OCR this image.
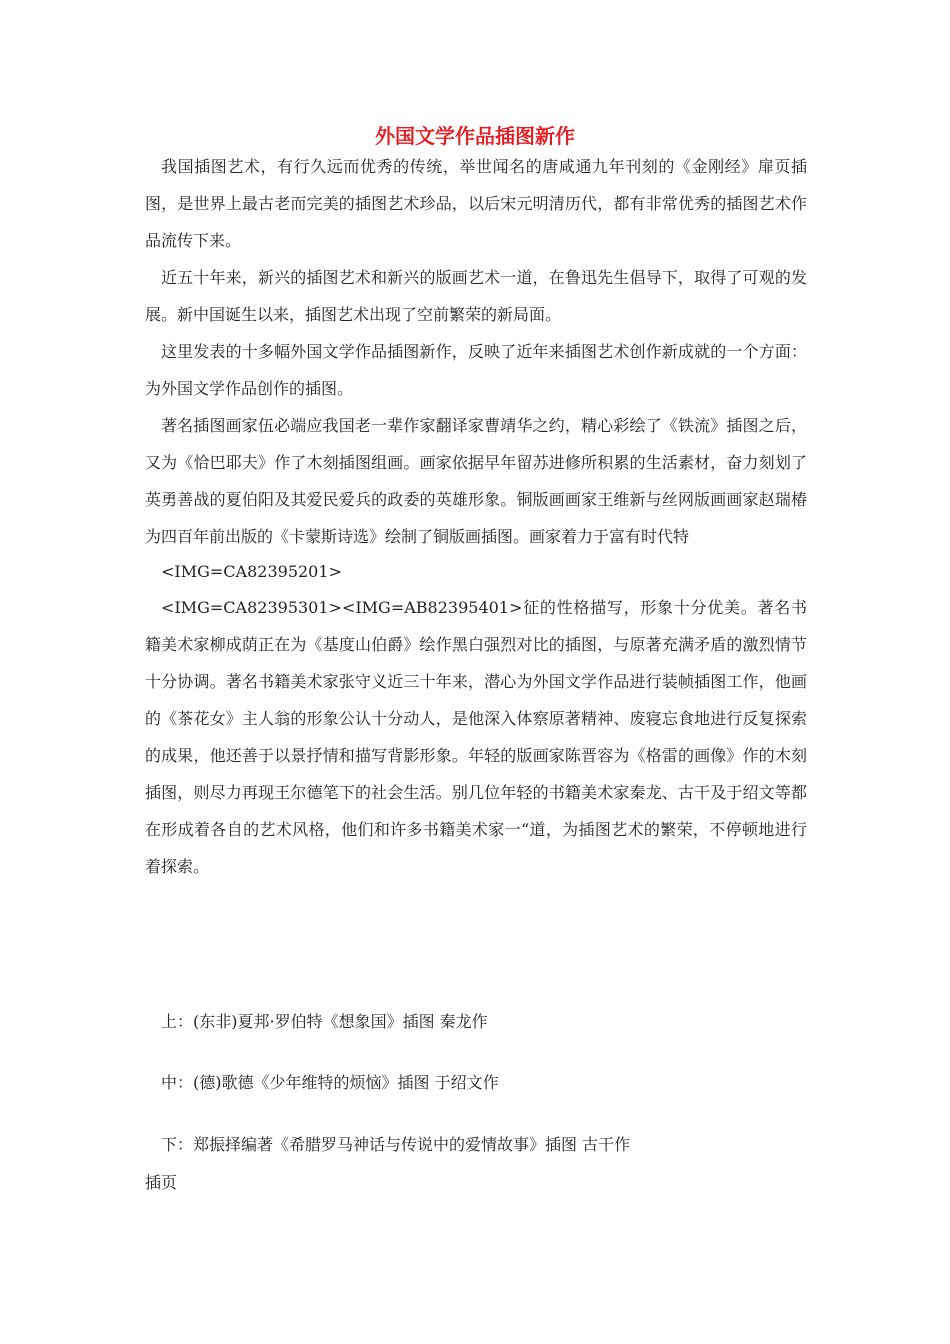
外国文学作品插图新作

我国插图艺术，有行久远而优秀的传统，举世闻名的唐咸通九年刊刻的《金刚经》扉页插图，是世界上最古老而完美的插图艺术珍品，以后宋元明清历代，都有非常优秀的插图艺术作品流传下来。

近五十年来，新兴的插图艺术和新兴的版画艺术一道，在鲁迅先生倡导下，取得了可观的发展。新中国诞生以来，插图艺术出现了空前繁荣的新局面。

这里发表的十多幅外国文学作品插图新作，反映了近年来插图艺术创作新成就的一个方面：为外国文学作品创作的插图。

著名插图画家伍必端应我国老一辈作家翻译家曹靖华之约，精心彩绘了《铁流》插图之后，又为《恰巴耶夫》作了木刻插图组画。画家依据早年留苏进修所积累的生活素材，奋力刻划了英勇善战的夏伯阳及其爱民爱兵的政委的英雄形象。铜版画画家王维新与丝网版画画家赵瑞椿为四百年前出版的《卡蒙斯诗选》绘制了铜版画插图。画家着力于富有时代特

<IMG=CA82395201>

<IMG=CA82395301><IMG=AB82395401>征的性格描写，形象十分优美。著名书籍美术家柳成荫正在为《基度山伯爵》绘作黑白强烈对比的插图，与原著充满矛盾的激烈情节十分协调。著名书籍美术家张守义近三十年来，潜心为外国文学作品进行装帧插图工作，他画的《茶花女》主人翁的形象公认十分动人，是他深入体察原著精神、废寝忘食地进行反复探索的成果，他还善于以景抒情和描写背影形象。年轻的版画家陈晋容为《格雷的画像》作的木刻插图，则尽力再现王尔德笔下的社会生活。别几位年轻的书籍美术家秦龙、古干及于绍文等都在形成着各自的艺术风格，他们和许多书籍美术家一“道，为插图艺术的繁荣，不停顿地进行着探索。

上：(东非)夏邦·罗伯特《想象国》插图 秦龙作
中：(德)歌德《少年维特的烦恼》插图 于绍文作
下：郑振择编著《希腊罗马神话与传说中的爱情故事》插图 古干作
插页
